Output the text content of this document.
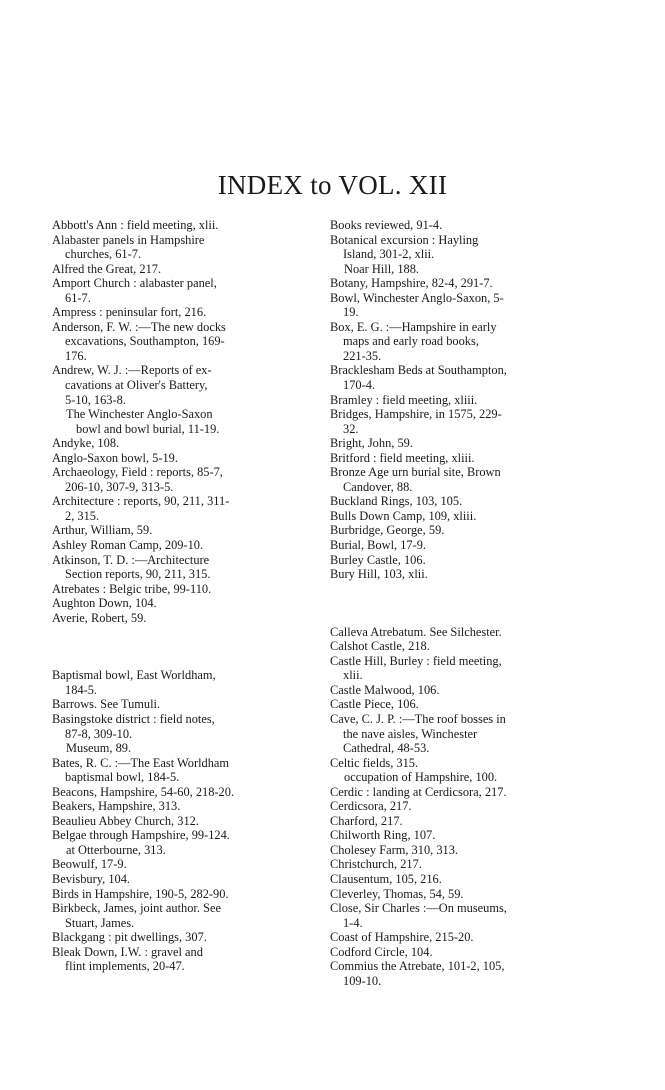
INDEX to VOL. XII
Abbott's Ann : field meeting, xlii.
Alabaster panels in Hampshire
churches, 61-7.
Alfred the Great, 217.
Amport Church : alabaster panel,
61-7.
Ampress : peninsular fort, 216.
Anderson, F. W. :—The new docks
excavations, Southampton, 169-
176.
Andrew, W. J. :—Reports of ex-
cavations at Oliver's Battery,
5-10, 163-8.
The Winchester Anglo-Saxon
bowl and bowl burial, 11-19.
Andyke, 108.
Anglo-Saxon bowl, 5-19.
Archaeology, Field : reports, 85-7,
206-10, 307-9, 313-5.
Architecture : reports, 90, 211, 311-
2, 315.
Arthur, William, 59.
Ashley Roman Camp, 209-10.
Atkinson, T. D. :—Architecture
Section reports, 90, 211, 315.
Atrebates : Belgic tribe, 99-110.
Aughton Down, 104.
Averie, Robert, 59.
Baptismal bowl, East Worldham,
184-5.
Barrows. See Tumuli.
Basingstoke district : field notes,
87-8, 309-10.
Museum, 89.
Bates, R. C. :—The East Worldham
baptismal bowl, 184-5.
Beacons, Hampshire, 54-60, 218-20.
Beakers, Hampshire, 313.
Beaulieu Abbey Church, 312.
Belgae through Hampshire, 99-124.
at Otterbourne, 313.
Beowulf, 17-9.
Bevisbury, 104.
Birds in Hampshire, 190-5, 282-90.
Birkbeck, James, joint author. See
Stuart, James.
Blackgang : pit dwellings, 307.
Bleak Down, I.W. : gravel and
flint implements, 20-47.
Books reviewed, 91-4.
Botanical excursion : Hayling
Island, 301-2, xlii.
Noar Hill, 188.
Botany, Hampshire, 82-4, 291-7.
Bowl, Winchester Anglo-Saxon, 5-
19.
Box, E. G. :—Hampshire in early
maps and early road books,
221-35.
Bracklesham Beds at Southampton,
170-4.
Bramley : field meeting, xliii.
Bridges, Hampshire, in 1575, 229-
32.
Bright, John, 59.
Britford : field meeting, xliii.
Bronze Age urn burial site, Brown
Candover, 88.
Buckland Rings, 103, 105.
Bulls Down Camp, 109, xliii.
Burbridge, George, 59.
Burial, Bowl, 17-9.
Burley Castle, 106.
Bury Hill, 103, xlii.
Calleva Atrebatum. See Silchester.
Calshot Castle, 218.
Castle Hill, Burley : field meeting,
xlii.
Castle Malwood, 106.
Castle Piece, 106.
Cave, C. J. P. :—The roof bosses in
the nave aisles, Winchester
Cathedral, 48-53.
Celtic fields, 315.
occupation of Hampshire, 100.
Cerdic : landing at Cerdicsora, 217.
Cerdicsora, 217.
Charford, 217.
Chilworth Ring, 107.
Cholesey Farm, 310, 313.
Christchurch, 217.
Clausentum, 105, 216.
Cleverley, Thomas, 54, 59.
Close, Sir Charles :—On museums,
1-4.
Coast of Hampshire, 215-20.
Codford Circle, 104.
Commius the Atrebate, 101-2, 105,
109-10.
